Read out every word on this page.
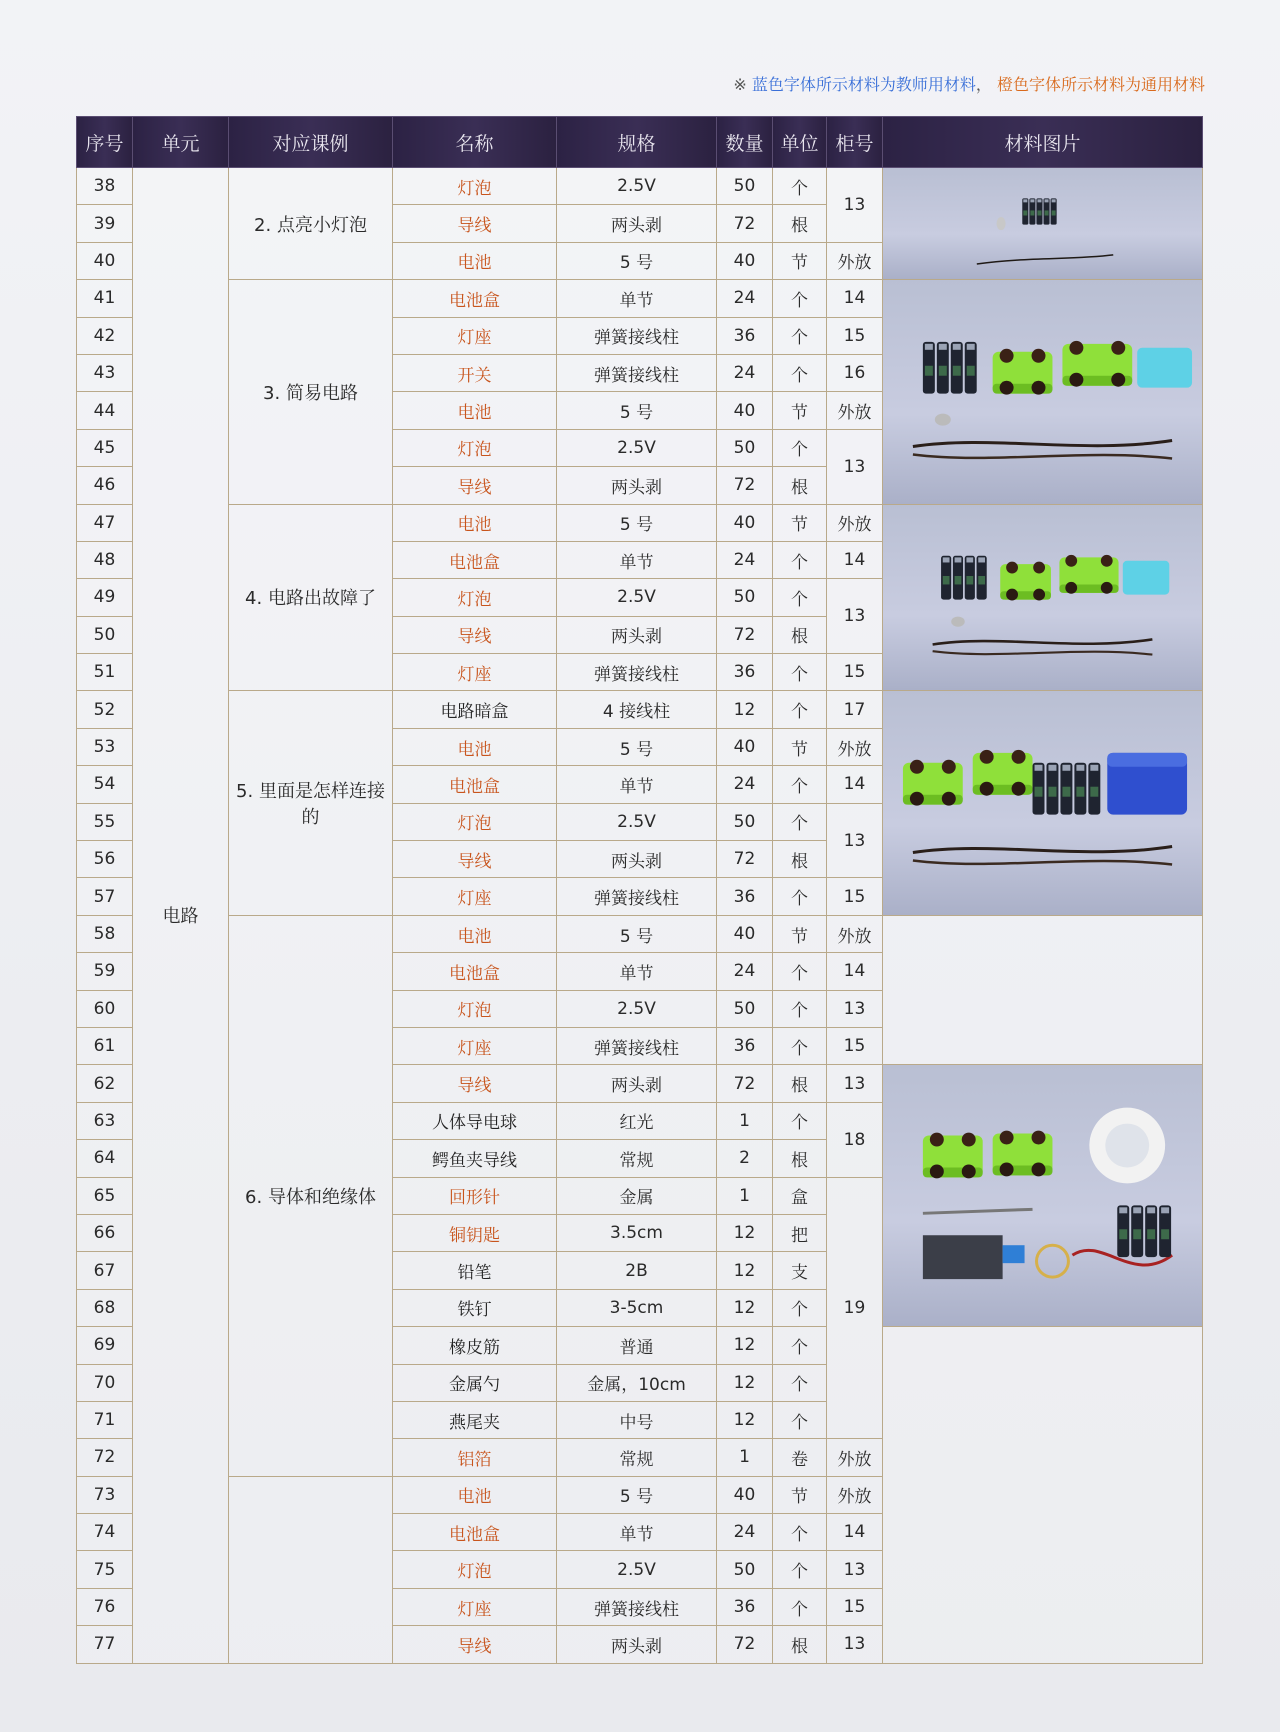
※ 蓝色字体所示材料为教师用材料， 橙色字体所示材料为通用材料
序号	单元	对应课例	名称	规格	数量	单位	柜号	材料图片
38	电路	2. 点亮小灯泡	灯泡	2.5V	50	个	13	

39			导线	两头剥	72	根		
40			电池	5 号	40	节	外放	
41		3. 简易电路	电池盒	单节	24	个	14	

42			灯座	弹簧接线柱	36	个	15	
43			开关	弹簧接线柱	24	个	16	
44			电池	5 号	40	节	外放	
45			灯泡	2.5V	50	个	13	
46			导线	两头剥	72	根		
47		4. 电路出故障了	电池	5 号	40	节	外放	

48			电池盒	单节	24	个	14	
49			灯泡	2.5V	50	个	13	
50			导线	两头剥	72	根		
51			灯座	弹簧接线柱	36	个	15	
52		5. 里面是怎样连接的	电路暗盒	4 接线柱	12	个	17	

53			电池	5 号	40	节	外放	
54			电池盒	单节	24	个	14	
55			灯泡	2.5V	50	个	13	
56			导线	两头剥	72	根		
57			灯座	弹簧接线柱	36	个	15	
58		6. 导体和绝缘体	电池	5 号	40	节	外放	
59			电池盒	单节	24	个	14	
60			灯泡	2.5V	50	个	13	
61			灯座	弹簧接线柱	36	个	15	
62			导线	两头剥	72	根	13	

63			人体导电球	红光	1	个	18	
64			鳄鱼夹导线	常规	2	根		
65			回形针	金属	1	盒	19	
66			铜钥匙	3.5cm	12	把		
67			铅笔	2B	12	支		
68			铁钉	3-5cm	12	个		
69			橡皮筋	普通	12	个		
70			金属勺	金属，10cm	12	个		
71			燕尾夹	中号	12	个		
72			铝箔	常规	1	卷	外放	
73			电池	5 号	40	节	外放	
74			电池盒	单节	24	个	14	
75			灯泡	2.5V	50	个	13	
76			灯座	弹簧接线柱	36	个	15	
77			导线	两头剥	72	根	13	
